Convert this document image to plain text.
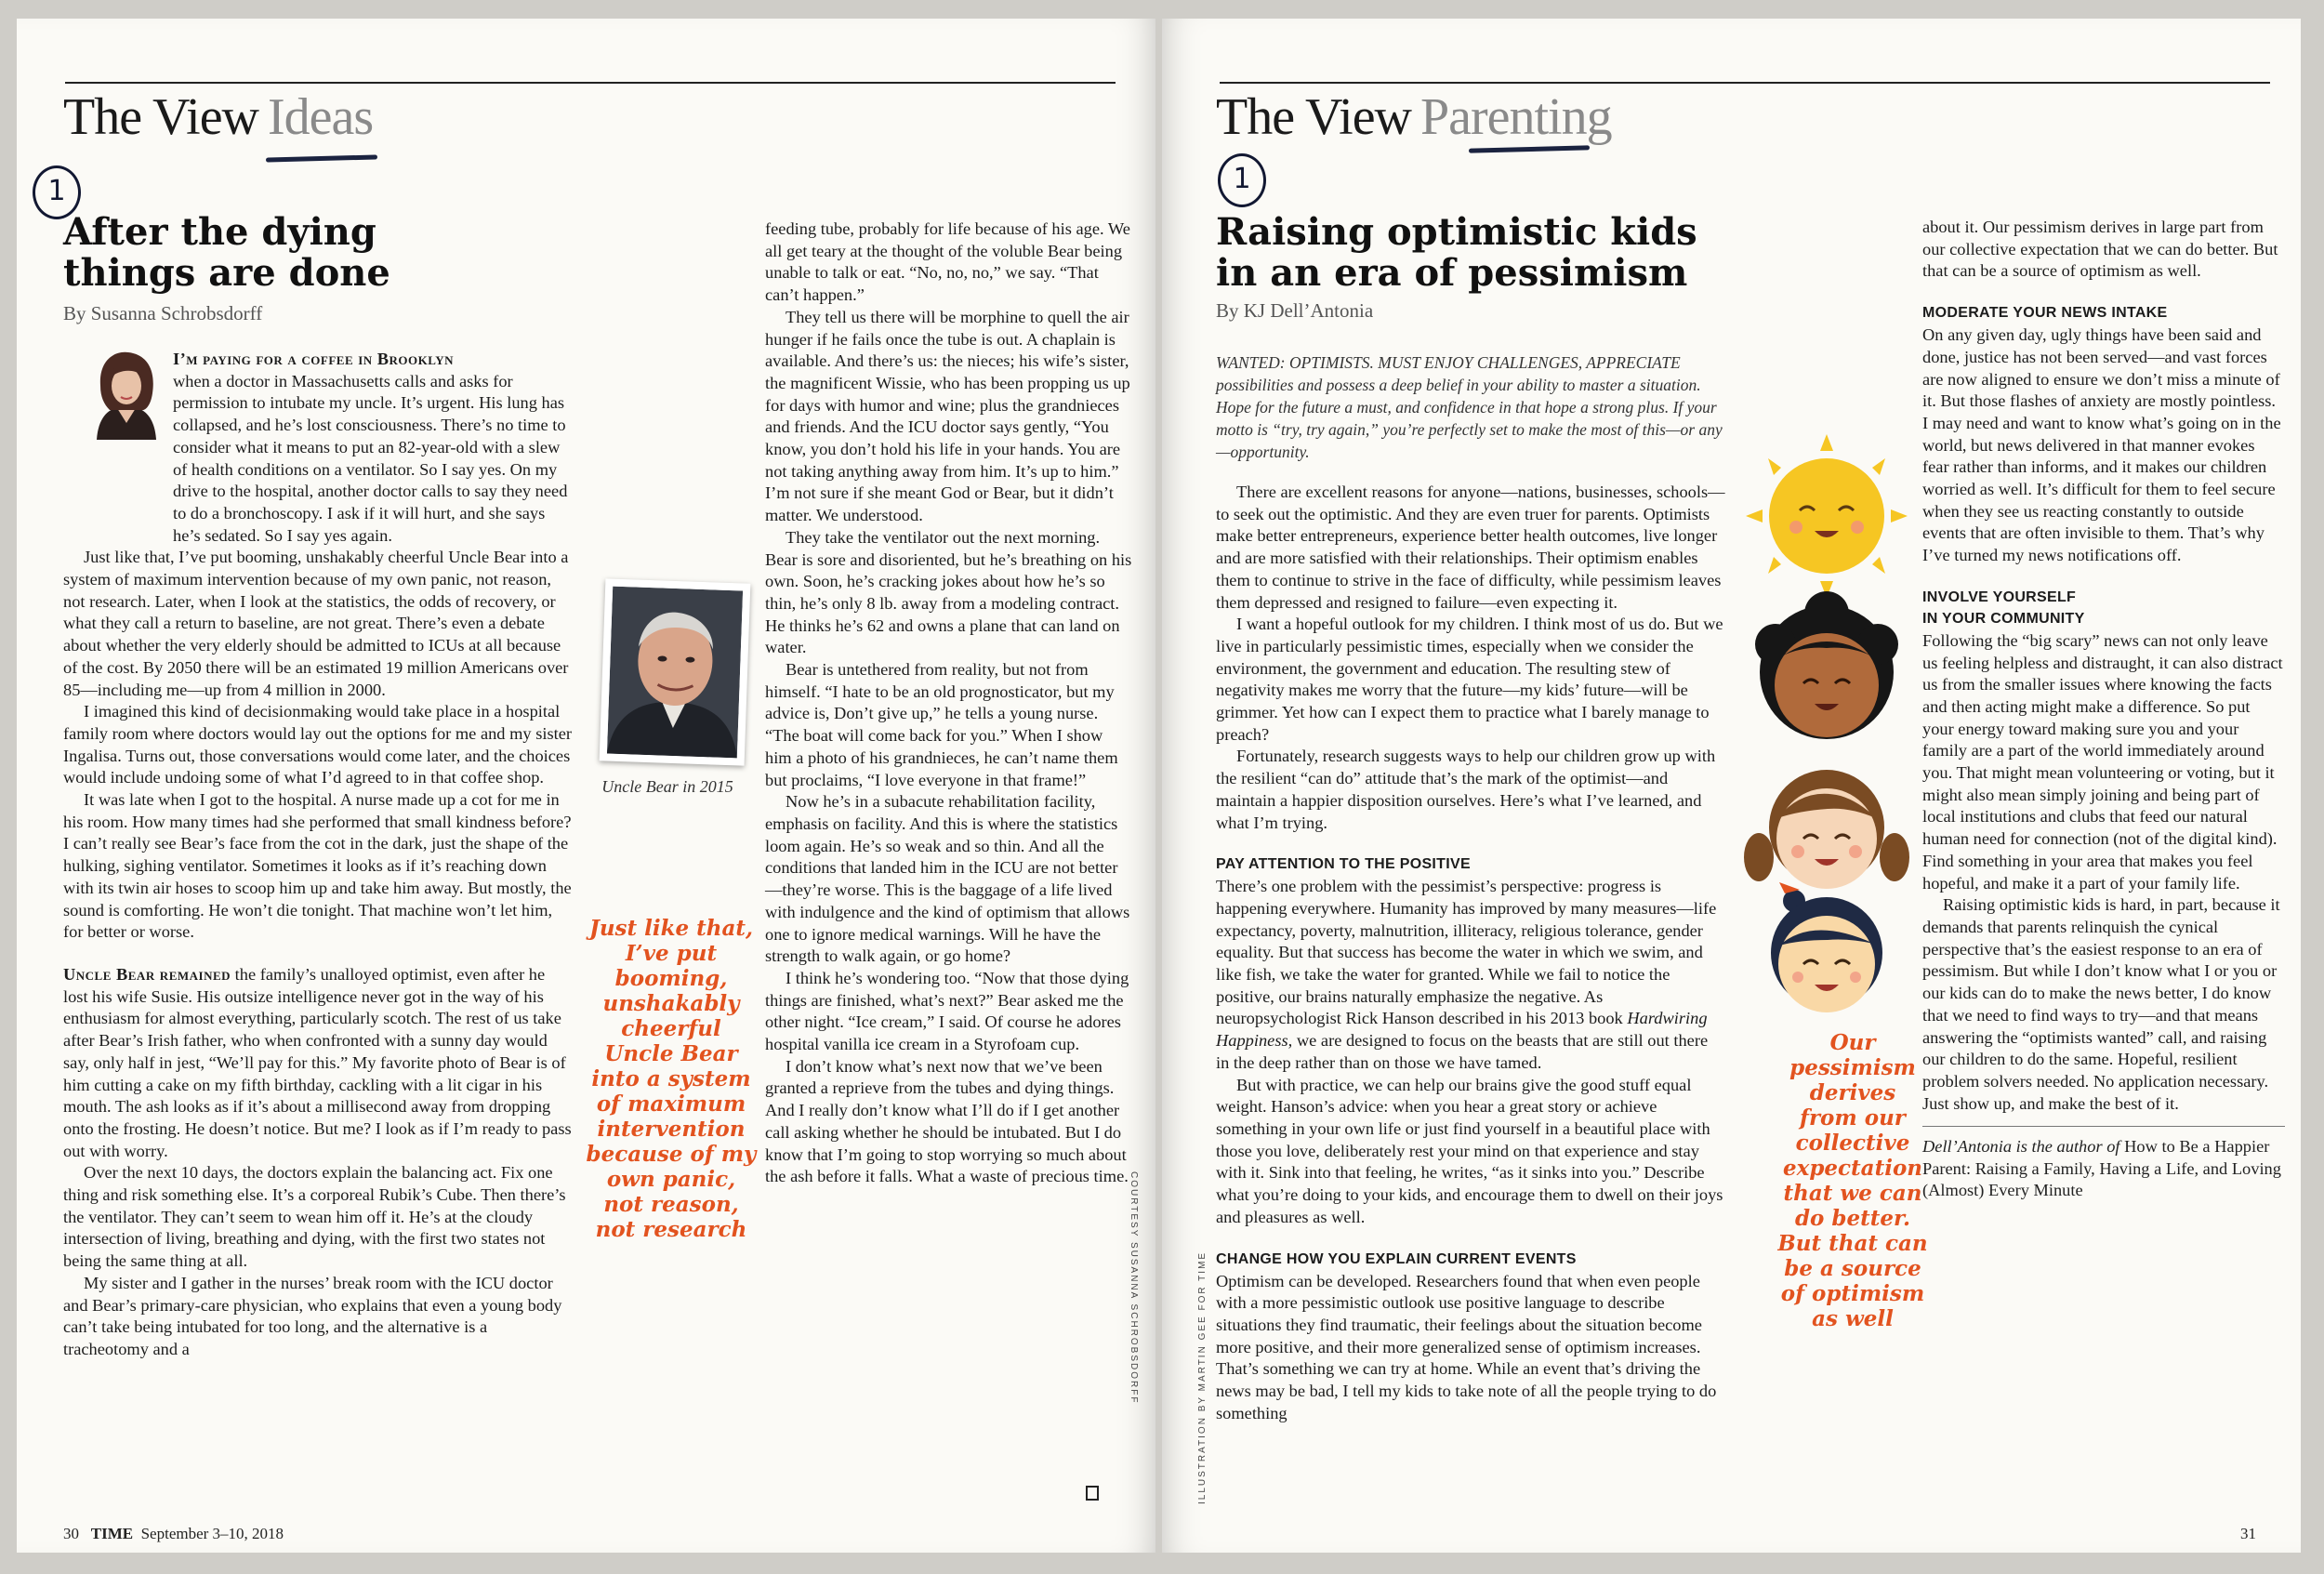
The View Ideas
1
After the dying things are done
By Susanna Schrobsdorff

I’m paying for a coffee in Brooklyn

when a doctor in Massachusetts calls and asks for permission to intubate my uncle. It’s urgent. His lung has collapsed, and he’s lost consciousness. There’s no time to consider what it means to put an 82-year-old with a slew of health conditions on a ventilator. So I say yes. On my drive to the hospital, another doctor calls to say they need to do a bronchoscopy. I ask if it will hurt, and she says he’s sedated. So I say yes again.

Just like that, I’ve put booming, unshakably cheerful Uncle Bear into a system of maximum intervention because of my own panic, not reason, not research. Later, when I look at the statistics, the odds of recovery, or what they call a return to baseline, are not great. There’s even a debate about whether the very elderly should be admitted to ICUs at all because of the cost. By 2050 there will be an estimated 19 million Americans over 85—including me—up from 4 million in 2000.

I imagined this kind of decisionmaking would take place in a hospital family room where doctors would lay out the options for me and my sister Ingalisa. Turns out, those conversations would come later, and the choices would include undoing some of what I’d agreed to in that coffee shop.

It was late when I got to the hospital. A nurse made up a cot for me in his room. How many times had she performed that small kindness before? I can’t really see Bear’s face from the cot in the dark, just the shape of the hulking, sighing ventilator. Sometimes it looks as if it’s reaching down with its twin air hoses to scoop him up and take him away. But mostly, the sound is comforting. He won’t die tonight. That machine won’t let him, for better or worse.

Uncle Bear remained the family’s unalloyed optimist, even after he lost his wife Susie. His outsize intelligence never got in the way of his enthusiasm for almost everything, particularly scotch. The rest of us take after Bear’s Irish father, who when confronted with a sunny day would say, only half in jest, “We’ll pay for this.” My favorite photo of Bear is of him cutting a cake on my fifth birthday, cackling with a lit cigar in his mouth. The ash looks as if it’s about a millisecond away from dropping onto the frosting. He doesn’t notice. But me? I look as if I’m ready to pass out with worry.

Over the next 10 days, the doctors explain the balancing act. Fix one thing and risk something else. It’s a corporeal Rubik’s Cube. Then there’s the ventilator. They can’t seem to wean him off it. He’s at the cloudy intersection of living, breathing and dying, with the first two states not being the same thing at all.

My sister and I gather in the nurses’ break room with the ICU doctor and Bear’s primary-care physician, who explains that even a young body can’t take being intubated for too long, and the alternative is a tracheotomy and a

Uncle Bear in 2015
Just like that, I’ve put booming, unshakably cheerful Uncle Bear into a system of maximum intervention because of my own panic, not reason, not research

feeding tube, probably for life because of his age. We all get teary at the thought of the voluble Bear being unable to talk or eat. “No, no, no,” we say. “That can’t happen.”

They tell us there will be morphine to quell the air hunger if he fails once the tube is out. A chaplain is available. And there’s us: the nieces; his wife’s sister, the magnificent Wissie, who has been propping us up for days with humor and wine; plus the grandnieces and friends. And the ICU doctor says gently, “You know, you don’t hold his life in your hands. You are not taking anything away from him. It’s up to him.” I’m not sure if she meant God or Bear, but it didn’t matter. We understood.

They take the ventilator out the next morning. Bear is sore and disoriented, but he’s breathing on his own. Soon, he’s cracking jokes about how he’s so thin, he’s only 8 lb. away from a modeling contract. He thinks he’s 62 and owns a plane that can land on water.

Bear is untethered from reality, but not from himself. “I hate to be an old prognosticator, but my advice is, Don’t give up,” he tells a young nurse. “The boat will come back for you.” When I show him a photo of his grandnieces, he can’t name them but proclaims, “I love everyone in that frame!”

Now he’s in a subacute rehabilitation facility, emphasis on facility. And this is where the statistics loom again. He’s so weak and so thin. And all the conditions that landed him in the ICU are not better—they’re worse. This is the baggage of a life lived with indulgence and the kind of optimism that allows one to ignore medical warnings. Will he have the strength to walk again, or go home?

I think he’s wondering too. “Now that those dying things are finished, what’s next?” Bear asked me the other night. “Ice cream,” I said. Of course he adores hospital vanilla ice cream in a Styrofoam cup.

I don’t know what’s next now that we’ve been granted a reprieve from the tubes and dying things. And I really don’t know what I’ll do if I get another call asking whether he should be intubated. But I do know that I’m going to stop worrying so much about the ash before it falls. What a waste of precious time. COURTESY SUSANNA SCHROBSDORFF
30 TIME September 3–10, 2018
The View Parenting
1
Raising optimistic kids in an era of pessimism
By KJ Dell’Antonia
WANTED: OPTIMISTS. MUST ENJOY CHALLENGES, APPRECIATE possibilities and possess a deep belief in your ability to master a situation. Hope for the future a must, and confidence in that hope a strong plus. If your motto is “try, try again,” you’re perfectly set to make the most of this—or any—opportunity.

There are excellent reasons for anyone—nations, businesses, schools—to seek out the optimistic. And they are even truer for parents. Optimists make better entrepreneurs, experience better health outcomes, live longer and are more satisfied with their relationships. Their optimism enables them to continue to strive in the face of difficulty, while pessimism leaves them depressed and resigned to failure—even expecting it.

I want a hopeful outlook for my children. I think most of us do. But we live in particularly pessimistic times, especially when we consider the environment, the government and education. The resulting stew of negativity makes me worry that the future—my kids’ future—will be grimmer. Yet how can I expect them to practice what I barely manage to preach?

Fortunately, research suggests ways to help our children grow up with the resilient “can do” attitude that’s the mark of the optimist—and maintain a happier disposition ourselves. Here’s what I’ve learned, and what I’m trying.

PAY ATTENTION TO THE POSITIVE

There’s one problem with the pessimist’s perspective: progress is happening everywhere. Humanity has improved by many measures—life expectancy, poverty, malnutrition, illiteracy, religious tolerance, gender equality. But that success has become the water in which we swim, and like fish, we take the water for granted. While we fail to notice the positive, our brains naturally emphasize the negative. As neuropsychologist Rick Hanson described in his 2013 book Hardwiring Happiness, we are designed to focus on the beasts that are still out there in the deep rather than on those we have tamed.

But with practice, we can help our brains give the good stuff equal weight. Hanson’s advice: when you hear a great story or achieve something in your own life or just find yourself in a beautiful place with those you love, deliberately rest your mind on that experience and stay with it. Sink into that feeling, he writes, “as it sinks into you.” Describe what you’re doing to your kids, and encourage them to dwell on their joys and pleasures as well.

CHANGE HOW YOU EXPLAIN CURRENT EVENTS

Optimism can be developed. Researchers found that when even people with a more pessimistic outlook use positive language to describe situations they find traumatic, their feelings about the situation become more positive, and their more generalized sense of optimism increases. That’s something we can try at home. While an event that’s driving the news may be bad, I tell my kids to take note of all the people trying to do something

ILLUSTRATION BY MARTIN GEE FOR TIME
Our pessimism derives from our collective expectation that we can do better. But that can be a source of optimism as well

about it. Our pessimism derives in large part from our collective expectation that we can do better. But that can be a source of optimism as well.

MODERATE YOUR NEWS INTAKE

On any given day, ugly things have been said and done, justice has not been served—and vast forces are now aligned to ensure we don’t miss a minute of it. But those flashes of anxiety are mostly pointless. I may need and want to know what’s going on in the world, but news delivered in that manner evokes fear rather than informs, and it makes our children worried as well. It’s difficult for them to feel secure when they see us reacting constantly to outside events that are often invisible to them. That’s why I’ve turned my news notifications off.

INVOLVE YOURSELF
IN YOUR COMMUNITY

Following the “big scary” news can not only leave us feeling helpless and distraught, it can also distract us from the smaller issues where knowing the facts and then acting might make a difference. So put your energy toward making sure you and your family are a part of the world immediately around you. That might mean volunteering or voting, but it might also mean simply joining and being part of local institutions and clubs that feed our natural human need for connection (not of the digital kind). Find something in your area that makes you feel hopeful, and make it a part of your family life.

Raising optimistic kids is hard, in part, because it demands that parents relinquish the cynical perspective that’s the easiest response to an era of pessimism. But while I don’t know what I or you or our kids can do to make the news better, I do know that we need to find ways to try—and that means answering the “optimists wanted” call, and raising our children to do the same. Hopeful, resilient problem solvers needed. No application necessary. Just show up, and make the best of it.

Dell’Antonia is the author of How to Be a Happier Parent: Raising a Family, Having a Life, and Loving (Almost) Every Minute
31
